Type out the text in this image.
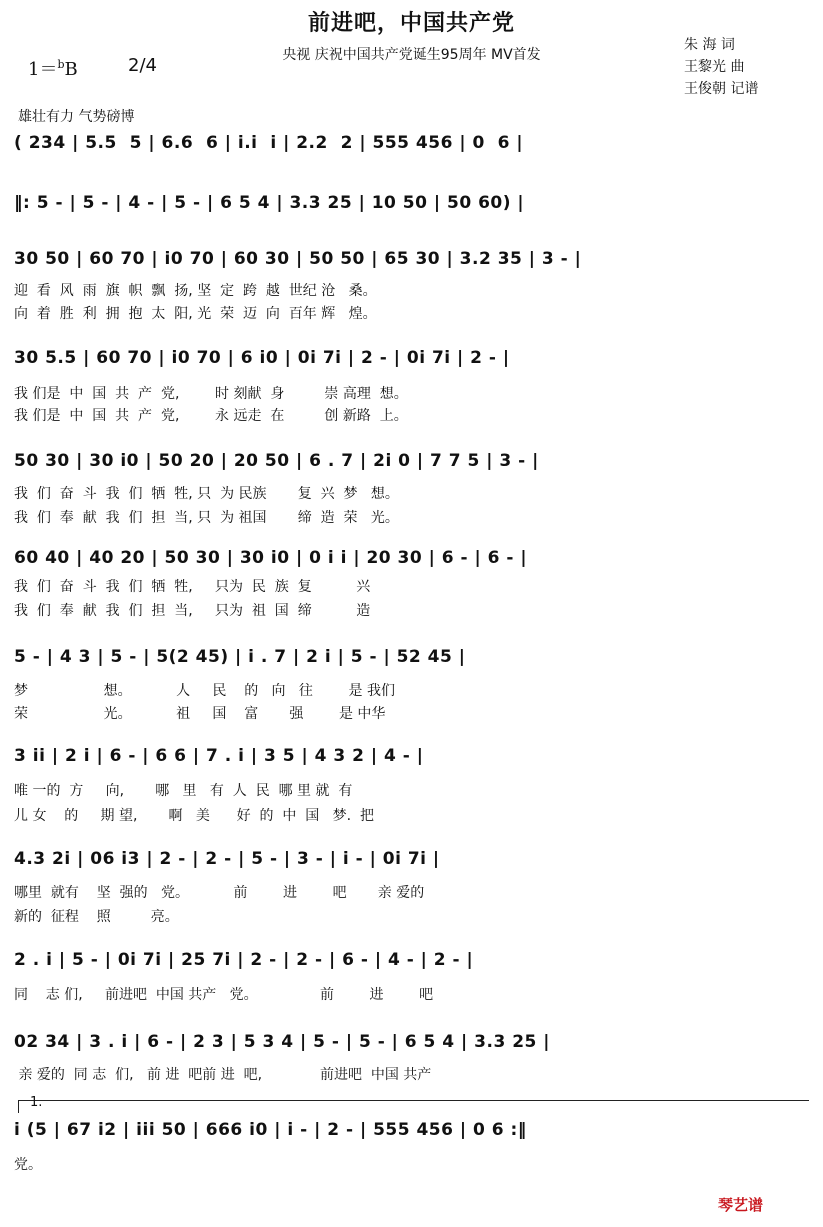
前进吧，中国共产党
央视 庆祝中国共产党诞生95周年 MV首发
1＝$^b$B	2/4
朱 海 词
王黎光 曲
王俊朝 记谱
雄壮有力 气势磅博
( 234 | 5.5  5 | 6.6  6 | i.i  i | 2.2  2 | 555 456 | 0  6 |
‖: 5 - | 5 - | 4 - | 5 - | 6 5 4 | 3.3 25 | 10 50 | 50 60) |
30 50 | 60 70 | i0 70 | 60 30 | 50 50 | 65 30 | 3.2 35 | 3 - |
迎  看  风  雨  旗  帜  飘  扬, 坚  定  跨  越  世纪 沧   桑。
向  着  胜  利  拥  抱  太  阳, 光  荣  迈  向  百年 辉   煌。
30 5.5 | 60 70 | i0 70 | 6 i0 | 0i 7i | 2 - | 0i 7i | 2 - |
我 们是  中  国  共  产  党,        时 刻献  身         崇 高理  想。
我 们是  中  国  共  产  党,        永 远走  在         创 新路  上。
50 30 | 30 i0 | 50 20 | 20 50 | 6 . 7 | 2i 0 | 7 7 5 | 3 - |
我  们  奋  斗  我  们  牺  牲, 只  为 民族       复  兴  梦   想。
我  们  奉  献  我  们  担  当, 只  为 祖国       缔  造  荣   光。
60 40 | 40 20 | 50 30 | 30 i0 | 0 i i | 20 30 | 6 - | 6 - |
我  们  奋  斗  我  们  牺  牲,     只为  民  族  复          兴
我  们  奉  献  我  们  担  当,     只为  祖  国  缔          造
5 - | 4 3 | 5 - | 5(2 45) | i . 7 | 2 i | 5 - | 52 45 |
梦                 想。          人     民    的   向   往        是 我们
荣                 光。          祖     国    富       强        是 中华
3 ii | 2 i | 6 - | 6 6 | 7 . i | 3 5 | 4 3 2 | 4 - |
唯 一的  方     向,       哪   里   有  人  民  哪 里 就  有
儿 女    的     期 望,       啊   美      好  的  中  国   梦.  把
4.3 2i | 06 i3 | 2 - | 2 - | 5 - | 3 - | i - | 0i 7i |
哪里  就有    坚  强的   党。          前        进        吧       亲 爱的
新的  征程    照         亮。
2 . i | 5 - | 0i 7i | 25 7i | 2 - | 2 - | 6 - | 4 - | 2 - |
同    志 们,     前进吧  中国 共产   党。              前        进        吧
02 34 | 3 . i | 6 - | 2 3 | 5 3 4 | 5 - | 5 - | 6 5 4 | 3.3 25 |
亲 爱的  同 志  们,   前 进  吧前 进  吧,             前进吧  中国 共产
1.
i (5 | 67 i2 | iii 50 | 666 i0 | i - | 2 - | 555 456 | 0 6 :‖
党。
琴艺谱
